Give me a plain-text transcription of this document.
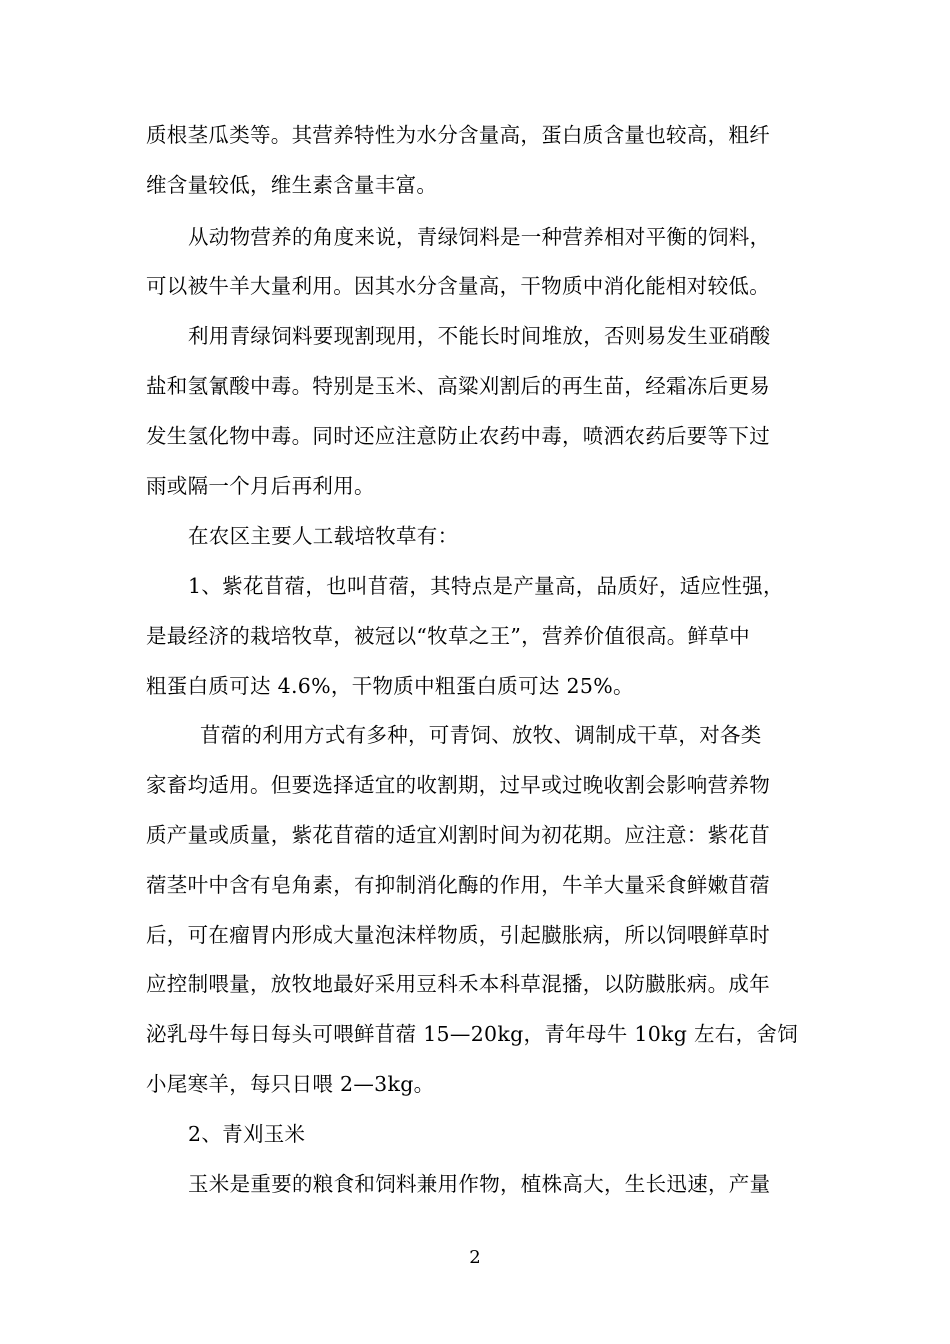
质根茎瓜类等。其营养特性为水分含量高，蛋白质含量也较高，粗纤
维含量较低，维生素含量丰富。
从动物营养的角度来说，青绿饲料是一种营养相对平衡的饲料，
可以被牛羊大量利用。因其水分含量高，干物质中消化能相对较低。
利用青绿饲料要现割现用，不能长时间堆放，否则易发生亚硝酸
盐和氢氰酸中毒。特别是玉米、高粱刈割后的再生苗，经霜冻后更易
发生氢化物中毒。同时还应注意防止农药中毒，喷洒农药后要等下过
雨或隔一个月后再利用。
在农区主要人工载培牧草有：
1、紫花苜蓿，也叫苜蓿，其特点是产量高，品质好，适应性强，
是最经济的栽培牧草，被冠以“牧草之王”，营养价值很高。鲜草中
粗蛋白质可达 4.6%，干物质中粗蛋白质可达 25%。
苜蓿的利用方式有多种，可青饲、放牧、调制成干草，对各类
家畜均适用。但要选择适宜的收割期，过早或过晚收割会影响营养物
质产量或质量，紫花苜蓿的适宜刈割时间为初花期。应注意：紫花苜
蓿茎叶中含有皂角素，有抑制消化酶的作用，牛羊大量采食鲜嫩苜蓿
后，可在瘤胃内形成大量泡沫样物质，引起臌胀病，所以饲喂鲜草时
应控制喂量，放牧地最好采用豆科禾本科草混播，以防臌胀病。成年
泌乳母牛每日每头可喂鲜苜蓿 15—20kg，青年母牛 10kg 左右，舍饲
小尾寒羊，每只日喂 2—3kg。
2、青刈玉米
玉米是重要的粮食和饲料兼用作物，植株高大，生长迅速，产量
2
